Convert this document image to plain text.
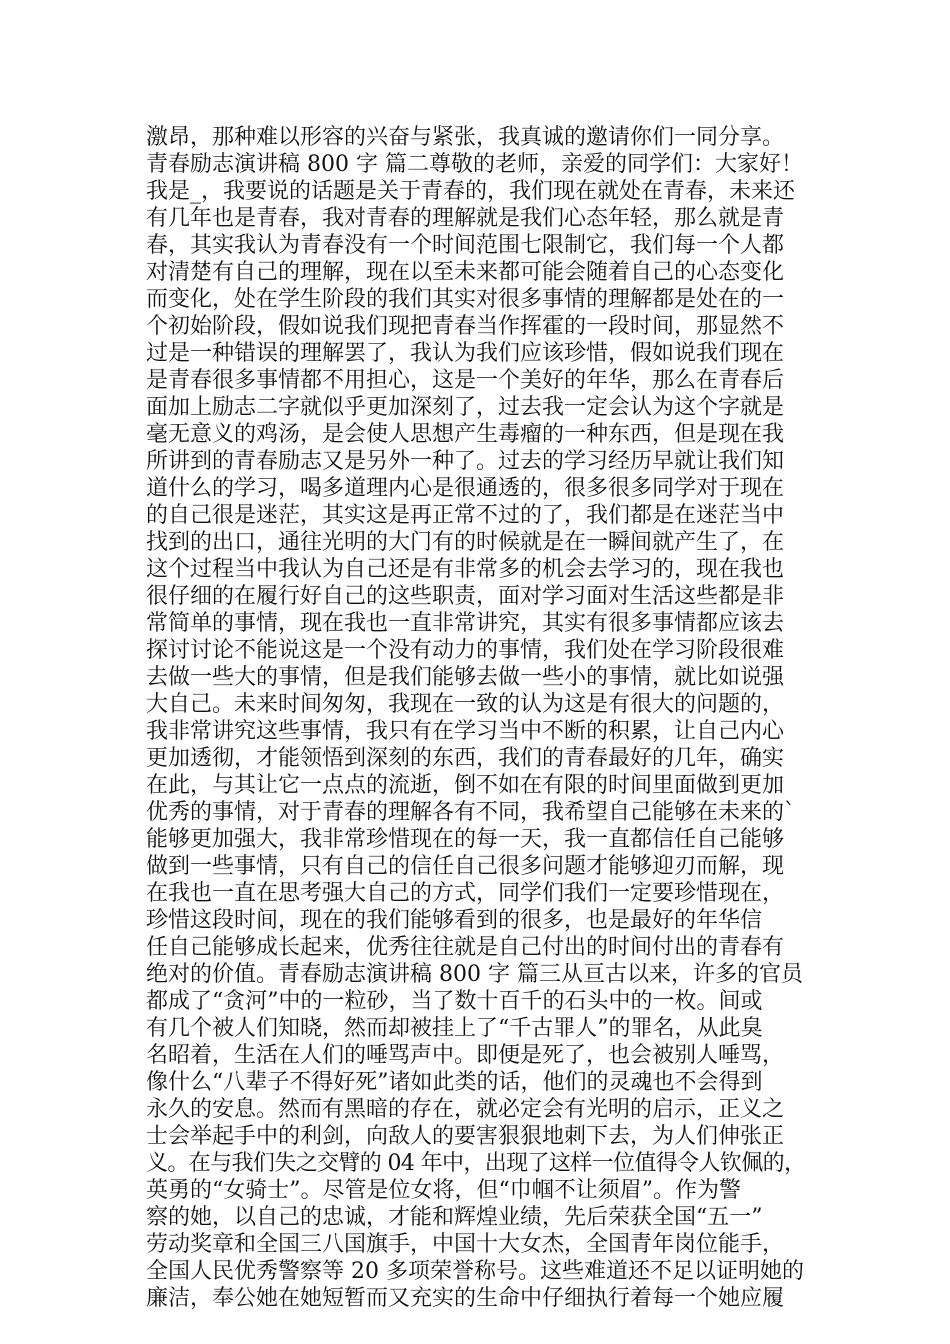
激昂，那种难以形容的兴奋与紧张，我真诚的邀请你们一同分享。
青春励志演讲稿 800 字 篇二尊敬的老师，亲爱的同学们：大家好！
我是_，我要说的话题是关于青春的，我们现在就处在青春，未来还
有几年也是青春，我对青春的理解就是我们心态年轻，那么就是青
春，其实我认为青春没有一个时间范围七限制它，我们每一个人都
对清楚有自己的理解，现在以至未来都可能会随着自己的心态变化
而变化，处在学生阶段的我们其实对很多事情的理解都是处在的一
个初始阶段，假如说我们现把青春当作挥霍的一段时间，那显然不
过是一种错误的理解罢了，我认为我们应该珍惜，假如说我们现在
是青春很多事情都不用担心，这是一个美好的年华，那么在青春后
面加上励志二字就似乎更加深刻了，过去我一定会认为这个字就是
毫无意义的鸡汤，是会使人思想产生毒瘤的一种东西，但是现在我
所讲到的青春励志又是另外一种了。过去的学习经历早就让我们知
道什么的学习，喝多道理内心是很通透的，很多很多同学对于现在
的自己很是迷茫，其实这是再正常不过的了，我们都是在迷茫当中
找到的出口，通往光明的大门有的时候就是在一瞬间就产生了，在
这个过程当中我认为自己还是有非常多的机会去学习的，现在我也
很仔细的在履行好自己的这些职责，面对学习面对生活这些都是非
常简单的事情，现在我也一直非常讲究，其实有很多事情都应该去
探讨讨论不能说这是一个没有动力的事情，我们处在学习阶段很难
去做一些大的事情，但是我们能够去做一些小的事情，就比如说强
大自己。未来时间匆匆，我现在一致的认为这是有很大的问题的，
我非常讲究这些事情，我只有在学习当中不断的积累，让自己内心
更加透彻，才能领悟到深刻的东西，我们的青春最好的几年，确实
在此，与其让它一点点的流逝，倒不如在有限的时间里面做到更加
优秀的事情，对于青春的理解各有不同，我希望自己能够在未来的`
能够更加强大，我非常珍惜现在的每一天，我一直都信任自己能够
做到一些事情，只有自己的信任自己很多问题才能够迎刃而解，现
在我也一直在思考强大自己的方式，同学们我们一定要珍惜现在，
珍惜这段时间，现在的我们能够看到的很多，也是最好的年华信
任自己能够成长起来，优秀往往就是自己付出的时间付出的青春有
绝对的价值。青春励志演讲稿 800 字 篇三从亘古以来，许多的官员
都成了“贪河”中的一粒砂，当了数十百千的石头中的一枚。间或
有几个被人们知晓，然而却被挂上了“千古罪人”的罪名，从此臭
名昭着，生活在人们的唾骂声中。即便是死了，也会被别人唾骂，
像什么“八辈子不得好死”诸如此类的话，他们的灵魂也不会得到
永久的安息。然而有黑暗的存在，就必定会有光明的启示，正义之
士会举起手中的利剑，向敌人的要害狠狠地刺下去，为人们伸张正
义。在与我们失之交臂的 04 年中，出现了这样一位值得令人钦佩的，
英勇的“女骑士”。尽管是位女将，但“巾帼不让须眉”。作为警
察的她，以自己的忠诚，才能和辉煌业绩，先后荣获全国“五一”
劳动奖章和全国三八国旗手，中国十大女杰，全国青年岗位能手，
全国人民优秀警察等 20 多项荣誉称号。这些难道还不足以证明她的
廉洁，奉公她在她短暂而又充实的生命中仔细执行着每一个她应履
